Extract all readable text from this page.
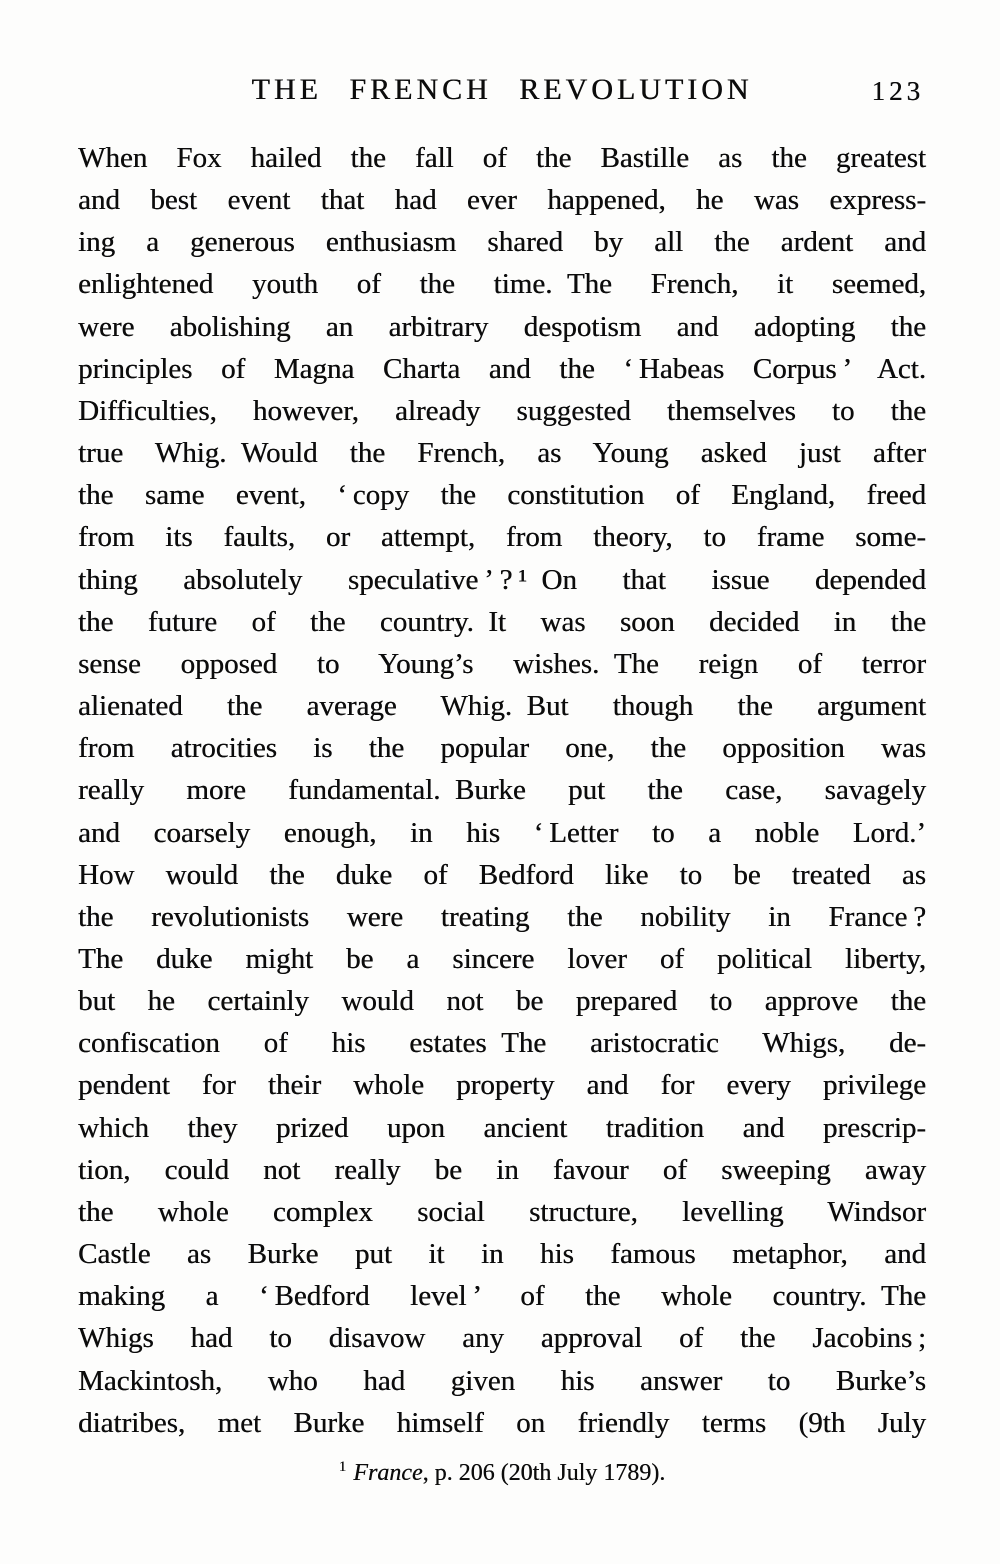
THE FRENCH REVOLUTION	123
When Fox hailed the fall of the Bastille as the greatest
and best event that had ever happened, he was express-
ing a generous enthusiasm shared by all the ardent and
enlightened youth of the time. The French, it seemed,
were abolishing an arbitrary despotism and adopting the
principles of Magna Charta and the ‘ Habeas Corpus ’ Act.
Difficulties, however, already suggested themselves to the
true Whig. Would the French, as Young asked just after
the same event, ‘ copy the constitution of England, freed
from its faults, or attempt, from theory, to frame some-
thing absolutely speculative ’ ? ¹ On that issue depended
the future of the country. It was soon decided in the
sense opposed to Young’s wishes. The reign of terror
alienated the average Whig. But though the argument
from atrocities is the popular one, the opposition was
really more fundamental. Burke put the case, savagely
and coarsely enough, in his ‘ Letter to a noble Lord.’
How would the duke of Bedford like to be treated as
the revolutionists were treating the nobility in France ?
The duke might be a sincere lover of political liberty,
but he certainly would not be prepared to approve the
confiscation of his estates The aristocratic Whigs, de-
pendent for their whole property and for every privilege
which they prized upon ancient tradition and prescrip-
tion, could not really be in favour of sweeping away
the whole complex social structure, levelling Windsor
Castle as Burke put it in his famous metaphor, and
making a ‘ Bedford level ’ of the whole country. The
Whigs had to disavow any approval of the Jacobins ;
Mackintosh, who had given his answer to Burke’s
diatribes, met Burke himself on friendly terms (9th July
$^1$ France, p. 206 (20th July 1789).
